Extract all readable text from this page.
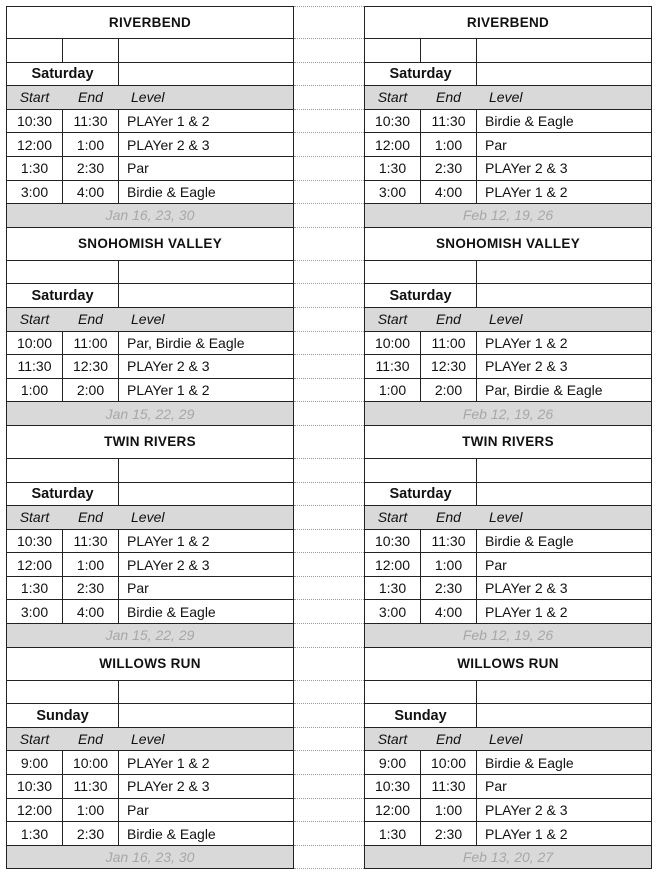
RIVERBEND
Saturday
Start	End	Level
10:30	11:30	PLAYer 1 & 2
12:00	1:00	PLAYer 2 & 3
1:30	2:30	Par
3:00	4:00	Birdie & Eagle
Jan 16, 23, 30
SNOHOMISH VALLEY
Saturday
Start	End	Level
10:00	11:00	Par, Birdie & Eagle
11:30	12:30	PLAYer 2 & 3
1:00	2:00	PLAYer 1 & 2
Jan 15, 22, 29
TWIN RIVERS
Saturday
Start	End	Level
10:30	11:30	PLAYer 1 & 2
12:00	1:00	PLAYer 2 & 3
1:30	2:30	Par
3:00	4:00	Birdie & Eagle
Jan 15, 22, 29
WILLOWS RUN
Sunday
Start	End	Level
9:00	10:00	PLAYer 1 & 2
10:30	11:30	PLAYer 2 & 3
12:00	1:00	Par
1:30	2:30	Birdie & Eagle
Jan 16, 23, 30
RIVERBEND
Saturday
Start	End	Level
10:30	11:30	Birdie & Eagle
12:00	1:00	Par
1:30	2:30	PLAYer 2 & 3
3:00	4:00	PLAYer 1 & 2
Feb 12, 19, 26
SNOHOMISH VALLEY
Saturday
Start	End	Level
10:00	11:00	PLAYer 1 & 2
11:30	12:30	PLAYer 2 & 3
1:00	2:00	Par, Birdie & Eagle
Feb 12, 19, 26
TWIN RIVERS
Saturday
Start	End	Level
10:30	11:30	Birdie & Eagle
12:00	1:00	Par
1:30	2:30	PLAYer 2 & 3
3:00	4:00	PLAYer 1 & 2
Feb 12, 19, 26
WILLOWS RUN
Sunday
Start	End	Level
9:00	10:00	Birdie & Eagle
10:30	11:30	Par
12:00	1:00	PLAYer 2 & 3
1:30	2:30	PLAYer 1 & 2
Feb 13, 20, 27
